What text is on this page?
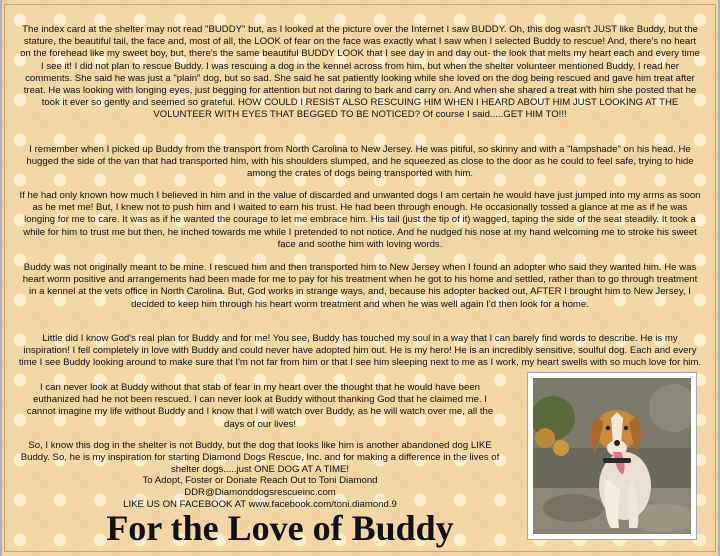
The index card at the shelter may not read "BUDDY" but, as I looked at the picture over the Internet I saw BUDDY. Oh, this dog wasn't JUST like Buddy, but the stature, the beautiful tail, the face and, most of all, the LOOK of fear on the face was exactly what I saw when I selected Buddy to rescue! And, there's no heart on the forehead like my sweet boy, but, there's the same beautiful BUDDY LOOK that I see day in and day out- the look that melts my heart each and every time I see it! I did not plan to rescue Buddy. I was rescuing a dog in the kennel across from him, but when the shelter volunteer mentioned Buddy, I read her comments. She said he was just a "plain" dog, but so sad. She said he sat patiently looking while she loved on the dog being rescued and gave him treat after treat. He was looking with longing eyes, just begging for attention but not daring to bark and carry on. And when she shared a treat with him she posted that he took it ever so gently and seemed so grateful. HOW COULD I RESIST ALSO RESCUING HIM WHEN I HEARD ABOUT HIM JUST LOOKING AT THE VOLUNTEER WITH EYES THAT BEGGED TO BE NOTICED? Of course I said.....GET HIM TO!!!

I remember when I picked up Buddy from the transport from North Carolina to New Jersey. He was pitiful, so skinny and with a "lampshade" on his head. He hugged the side of the van that had transported him, with his shoulders slumped, and he squeezed as close to the door as he could to feel safe, trying to hide among the crates of dogs being transported with him.

If he had only known how much I believed in him and in the value of discarded and unwanted dogs I am certain he would have just jumped into my arms as soon as he met me! But, I knew not to push him and I waited to earn his trust. He had been through enough. He occasionally tossed a glance at me as if he was longing for me to care. It was as if he wanted the courage to let me embrace him. His tail (just the tip of it) wagged, taping the side of the seat steadily. It took a while for him to trust me but then, he inched towards me while I pretended to not notice. And he nudged his nose at my hand welcoming me to stroke his sweet face and soothe him with loving words.

Buddy was not originally meant to be mine. I rescued him and then transported him to New Jersey when I found an adopter who said they wanted him. He was heart worm positive and arrangements had been made for me to pay for his treatment when he got to his home and settled, rather than to go through treatment in a kennel at the vets office in North Carolina. But, God works in strange ways, and, because his adopter backed out, AFTER I brought him to New Jersey, I decided to keep him through his heart worm treatment and when he was well again I'd then look for a home.

Little did I know God's real plan for Buddy and for me! You see, Buddy has touched my soul in a way that I can barely find words to describe. He is my inspiration! I fell completely in love with Buddy and could never have adopted him out. He is my hero! He is an incredibly sensitive, soulful dog. Each and every time I see Buddy looking around to make sure that I'm not far from him or that I see him sleeping next to me as I work, my heart swells with so much love for him.

I can never look at Buddy without that stab of fear in my heart over the thought that he would have been euthanized had he not been rescued. I can never look at Buddy without thanking God that he claimed me. I cannot imagine my life without Buddy and I know that I will watch over Buddy, as he will watch over me, all the days of our lives!

So, I know this dog in the shelter is not Buddy, but the dog that looks like him is another abandoned dog LIKE Buddy. So, he is my inspiration for starting Diamond Dogs Rescue, Inc. and for making a difference in the lives of shelter dogs.....just ONE DOG AT A TIME!

To Adopt, Foster or Donate Reach Out to Toni Diamond

DDR@Diamonddogsrescueinc.com

LIKE US ON FACEBOOK AT www.facebook.com/toni.diamond.9

For the Love of Buddy
